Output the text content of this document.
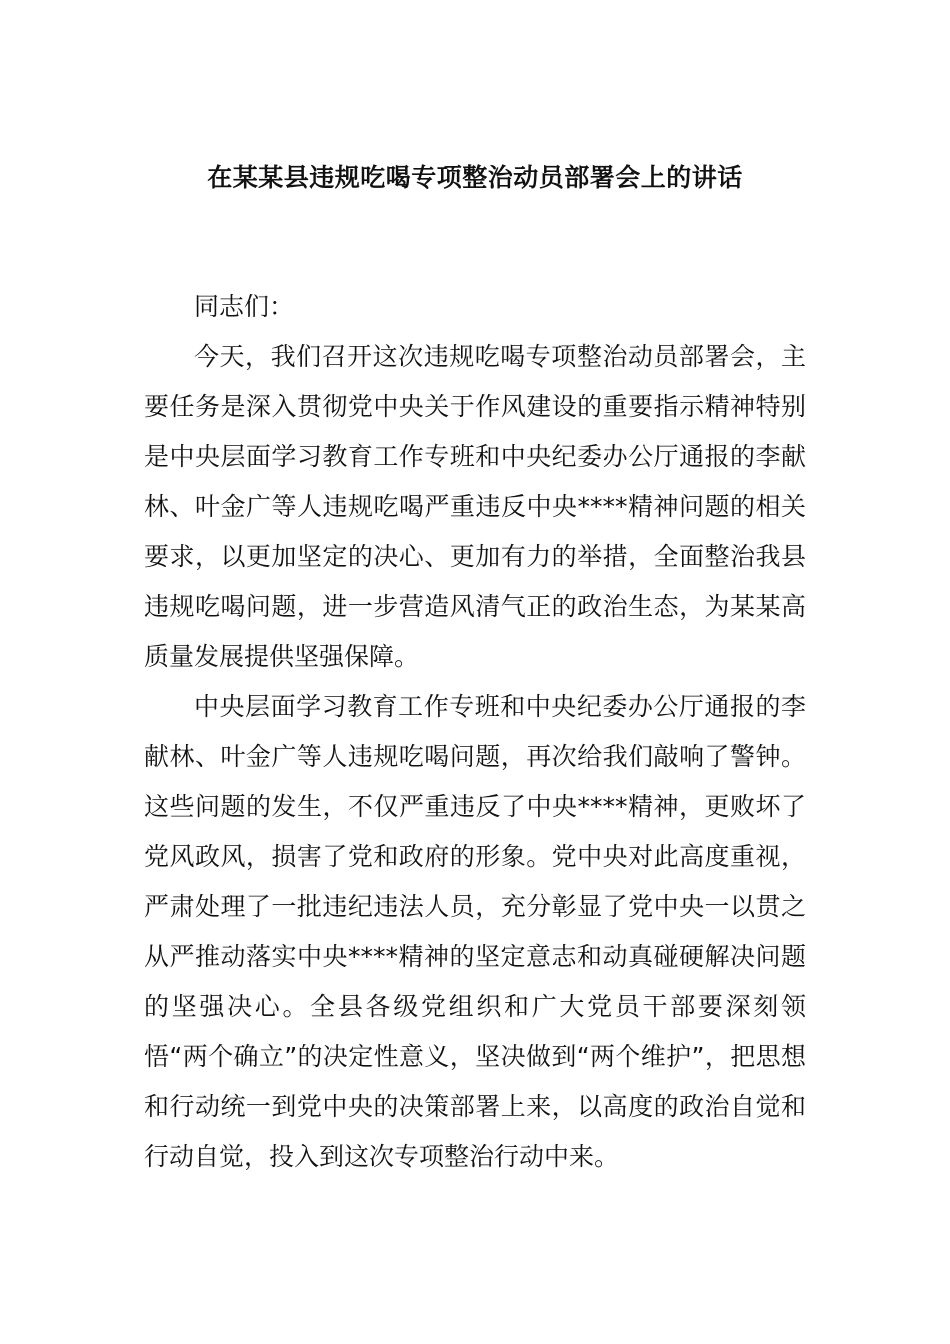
在某某县违规吃喝专项整治动员部署会上的讲话

同志们：

今天，我们召开这次违规吃喝专项整治动员部署会，主要任务是深入贯彻党中央关于作风建设的重要指示精神特别是中央层面学习教育工作专班和中央纪委办公厅通报的李献林、叶金广等人违规吃喝严重违反中央****精神问题的相关要求，以更加坚定的决心、更加有力的举措，全面整治我县违规吃喝问题，进一步营造风清气正的政治生态，为某某高质量发展提供坚强保障。

中央层面学习教育工作专班和中央纪委办公厅通报的李献林、叶金广等人违规吃喝问题，再次给我们敲响了警钟。这些问题的发生，不仅严重违反了中央****精神，更败坏了党风政风，损害了党和政府的形象。党中央对此高度重视，严肃处理了一批违纪违法人员，充分彰显了党中央一以贯之从严推动落实中央****精神的坚定意志和动真碰硬解决问题的坚强决心。全县各级党组织和广大党员干部要深刻领悟“两个确立”的决定性意义，坚决做到“两个维护”，把思想和行动统一到党中央的决策部署上来，以高度的政治自觉和行动自觉，投入到这次专项整治行动中来。
